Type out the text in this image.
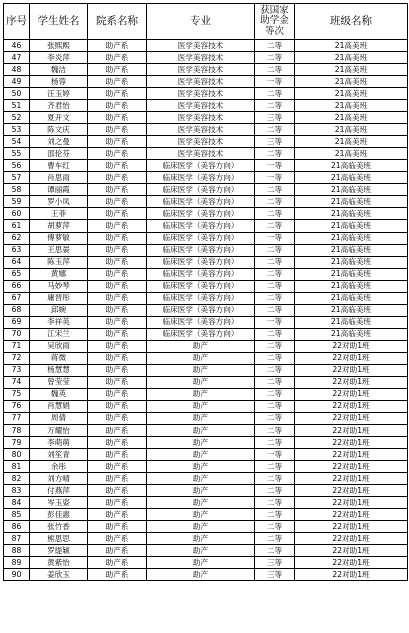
序号	学生姓名	院系名称	专业	获国家
助学金
等次	班级名称
46	张熙熙	助产系	医学美容技术	二等	21高美班
47	李炎萍	助产系	医学美容技术	二等	21高美班
48	魏洁	助产系	医学美容技术	二等	21高美班
49	杨蓉	助产系	医学美容技术	一等	21高美班
50	汪玉婷	助产系	医学美容技术	二等	21高美班
51	齐君怡	助产系	医学美容技术	二等	21高美班
52	夏开文	助产系	医学美容技术	三等	21高美班
53	陈文庆	助产系	医学美容技术	二等	21高美班
54	刘之曼	助产系	医学美容技术	三等	21高美班
55	邵伦芬	助产系	医学美容技术	二等	21高美班
56	曹车红	助产系	临床医学（美容方向）	一等	21高临美班
57	肖思雨	助产系	临床医学（美容方向）	一等	21高临美班
58	谭丽霞	助产系	临床医学（美容方向）	二等	21高临美班
59	罗小凤	助产系	临床医学（美容方向）	二等	21高临美班
60	王菲	助产系	临床医学（美容方向）	二等	21高临美班
61	胡萝萍	助产系	临床医学（美容方向）	二等	21高临美班
62	傅萝敏	助产系	临床医学（美容方向）	一等	21高临美班
63	王思晏	助产系	临床医学（美容方向）	二等	21高临美班
64	陈玉萍	助产系	临床医学（美容方向）	二等	21高临美班
65	黄娜	助产系	临床医学（美容方向）	二等	21高临美班
66	马妙琴	助产系	临床医学（美容方向）	二等	21高临美班
67	庸晋彤	助产系	临床医学（美容方向）	二等	21高临美班
68	邱婉	助产系	临床医学（美容方向）	二等	21高临美班
69	李祥英	助产系	临床医学（美容方向）	一等	21高临美班
70	江宋兰	助产系	临床医学（美容方向）	二等	21高临美班
71	吴欣雨	助产系	助产	二等	22对助1班
72	蒋微	助产系	助产	二等	22对助1班
73	杨慧慧	助产系	助产	二等	22对助1班
74	曾莹莹	助产系	助产	二等	22对助1班
75	魏英	助产系	助产	二等	22对助1班
76	肖慧娟	助产系	助产	二等	22对助1班
77	周倩	助产系	助产	二等	22对助1班
78	万耀怡	助产系	助产	二等	22对助1班
79	李萌萌	助产系	助产	二等	22对助1班
80	刘笙青	助产系	助产	一等	22对助1班
81	余彤	助产系	助产	二等	22对助1班
82	刘方晴	助产系	助产	二等	22对助1班
83	付燕萍	助产系	助产	二等	22对助1班
84	岑玉姿	助产系	助产	二等	22对助1班
85	彭佳惠	助产系	助产	二等	22对助1班
86	张竹香	助产系	助产	二等	22对助1班
87	熊思思	助产系	助产	二等	22对助1班
88	罗缇颖	助产系	助产	二等	22对助1班
89	黄紫怡	助产系	助产	三等	22对助1班
90	姜欣玉	助产系	助产	三等	22对助1班
